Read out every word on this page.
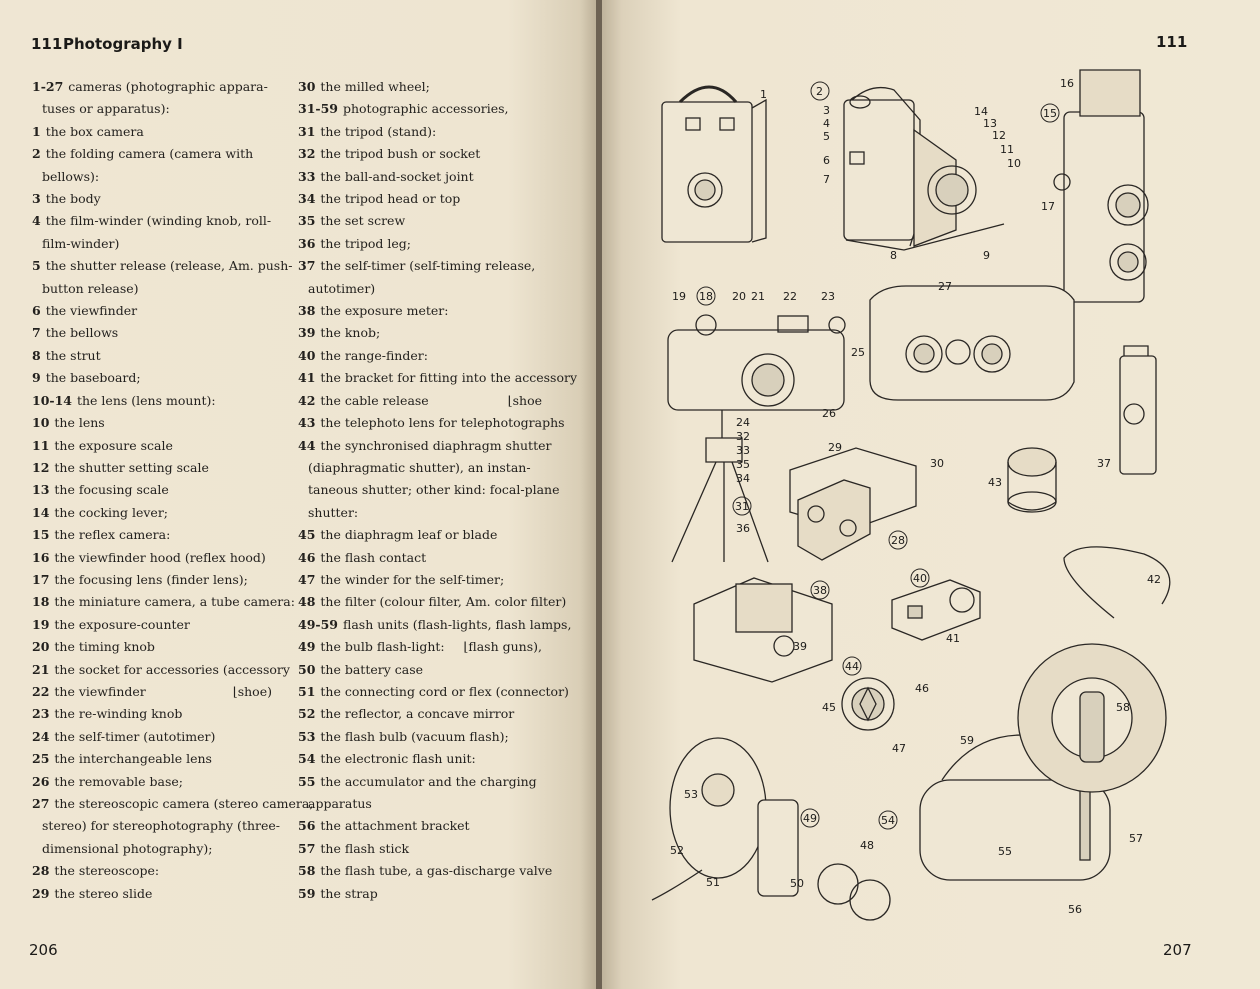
111 Photography I
1-27 cameras (photographic appara-
tuses or apparatus):
1 the box camera
2 the folding camera (camera with
bellows):
3 the body
4 the film-winder (winding knob, roll-
film-winder)
5 the shutter release (release, Am. push-
button release)
6 the viewfinder
7 the bellows
8 the strut
9 the baseboard;
10-14 the lens (lens mount):
10 the lens
11 the exposure scale
12 the shutter setting scale
13 the focusing scale
14 the cocking lever;
15 the reflex camera:
16 the viewfinder hood (reflex hood)
17 the focusing lens (finder lens);
18 the miniature camera, a tube camera:
19 the exposure-counter
20 the timing knob
21 the socket for accessories (accessory
22 the viewfinder	⌊shoe)
23 the re-winding knob
24 the self-timer (autotimer)
25 the interchangeable lens
26 the removable base;
27 the stereoscopic camera (stereo camera,
stereo) for stereophotography (three-
dimensional photography);
28 the stereoscope:
29 the stereo slide
30 the milled wheel;
31-59 photographic accessories,
31 the tripod (stand):
32 the tripod bush or socket
33 the ball-and-socket joint
34 the tripod head or top
35 the set screw
36 the tripod leg;
37 the self-timer (self-timing release,
autotimer)
38 the exposure meter:
39 the knob;
40 the range-finder:
41 the bracket for fitting into the accessory
42 the cable release	⌊shoe
43 the telephoto lens for telephotographs
44 the synchronised diaphragm shutter
(diaphragmatic shutter), an instan-
taneous shutter; other kind: focal-plane
shutter:
45 the diaphragm leaf or blade
46 the flash contact
47 the winder for the self-timer;
48 the filter (colour filter, Am. color filter)
49-59 flash units (flash-lights, flash lamps,
49 the bulb flash-light: ⌊flash guns),
50 the battery case
51 the connecting cord or flex (connector)
52 the reflector, a concave mirror
53 the flash bulb (vacuum flash);
54 the electronic flash unit:
55 the accumulator and the charging
apparatus
56 the attachment bracket
57 the flash stick
58 the flash tube, a gas-discharge valve
59 the strap
206
111
207
1	2
3
4
5
6
7
8	9
10
11
12
13
14	15
16
17
18
19	20 21 22 23
24
25
26
27
28
29
30
31
32
33
34
35
36
37
38
39
40
41
42
43
44
45
46
47
48
49
50
51
52
53
54
55
56
57
58
59
